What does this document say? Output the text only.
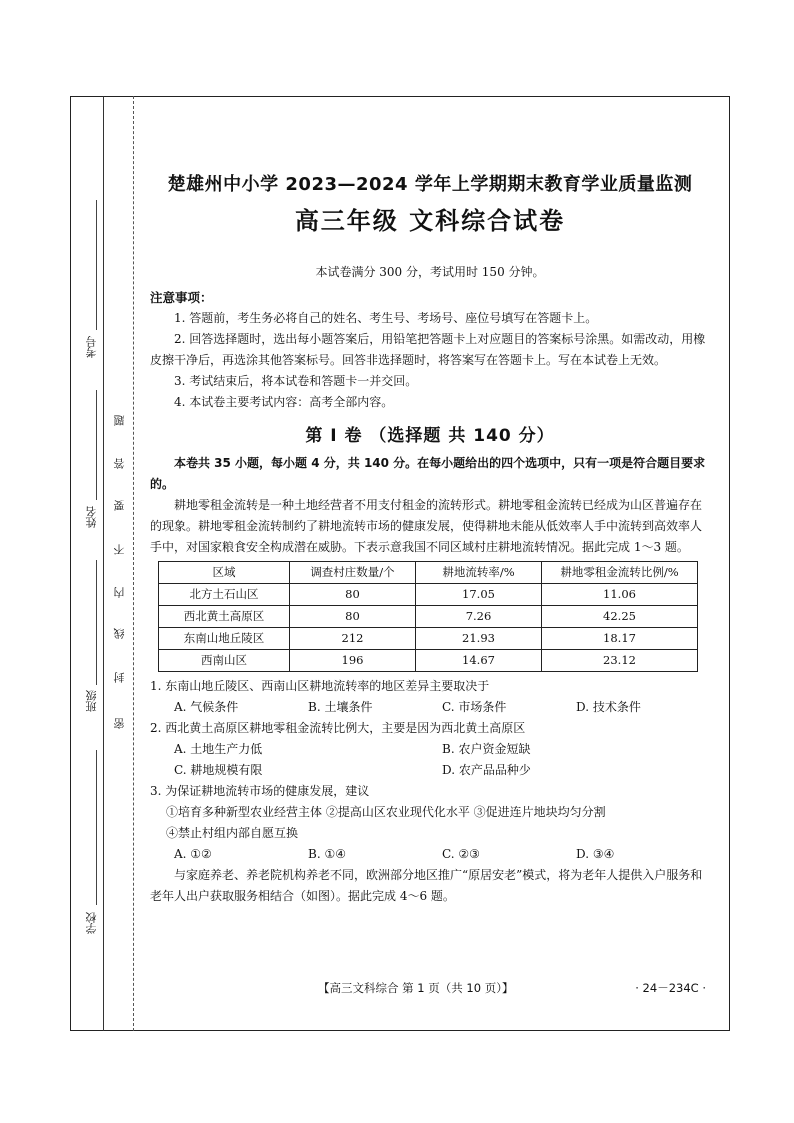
考号
姓名
班级
学校
密
封
线
内
不
要
答
题

楚雄州中小学 2023—2024 学年上学期期末教育学业质量监测

高三年级 文科综合试卷

本试卷满分 300 分，考试用时 150 分钟。

注意事项：

1. 答题前，考生务必将自己的姓名、考生号、考场号、座位号填写在答题卡上。

2. 回答选择题时，选出每小题答案后，用铅笔把答题卡上对应题目的答案标号涂黑。如需改动，用橡皮擦干净后，再选涂其他答案标号。回答非选择题时，将答案写在答题卡上。写在本试卷上无效。

3. 考试结束后，将本试卷和答题卡一并交回。

4. 本试卷主要考试内容：高考全部内容。

第 Ⅰ 卷 （选择题 共 140 分）

本卷共 35 小题，每小题 4 分，共 140 分。在每小题给出的四个选项中，只有一项是符合题目要求的。

耕地零租金流转是一种土地经营者不用支付租金的流转形式。耕地零租金流转已经成为山区普遍存在的现象。耕地零租金流转制约了耕地流转市场的健康发展，使得耕地未能从低效率人手中流转到高效率人手中，对国家粮食安全构成潜在威胁。下表示意我国不同区域村庄耕地流转情况。据此完成 1～3 题。

区域	调查村庄数量/个	耕地流转率/%	耕地零租金流转比例/%
北方土石山区	80	17.05	11.06
西北黄土高原区	80	7.26	42.25
东南山地丘陵区	212	21.93	18.17
西南山区	196	14.67	23.12

1. 东南山地丘陵区、西南山区耕地流转率的地区差异主要取决于

A. 气候条件	B. 土壤条件	C. 市场条件	D. 技术条件

2. 西北黄土高原区耕地零租金流转比例大，主要是因为西北黄土高原区

A. 土地生产力低	B. 农户资金短缺
C. 耕地规模有限	D. 农产品品种少

3. 为保证耕地流转市场的健康发展，建议

①培育多种新型农业经营主体 ②提高山区农业现代化水平 ③促进连片地块均匀分割

④禁止村组内部自愿互换

A. ①②	B. ①④	C. ②③	D. ③④

与家庭养老、养老院机构养老不同，欧洲部分地区推广“原居安老”模式，将为老年人提供入户服务和老年人出户获取服务相结合（如图）。据此完成 4～6 题。

【高三文科综合 第 1 页（共 10 页）】	· 24－234C ·
